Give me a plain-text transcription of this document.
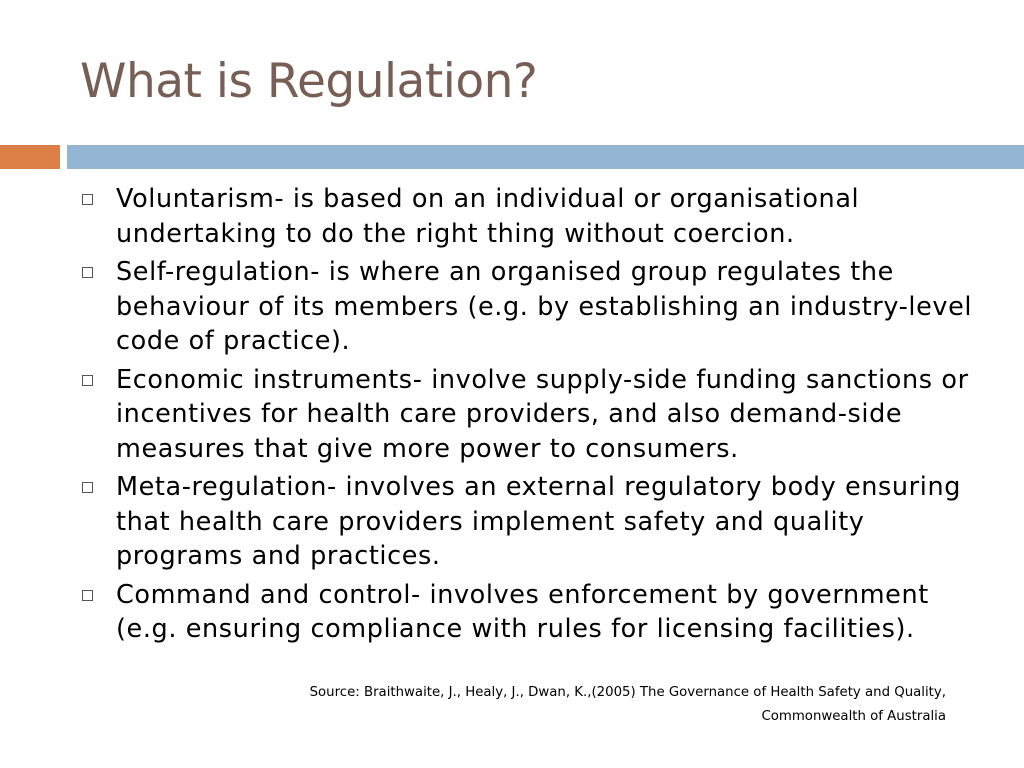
What is Regulation?
Voluntarism- is based on an individual or organisational undertaking to do the right thing without coercion.
Self-regulation- is where an organised group regulates the behaviour of its members (e.g. by establishing an industry-level code of practice).
Economic instruments- involve supply-side funding sanctions or incentives for health care providers, and also demand-side measures that give more power to consumers.
Meta-regulation- involves an external regulatory body ensuring that health care providers implement safety and quality programs and practices.
Command and control- involves enforcement by government (e.g. ensuring compliance with rules for licensing facilities).
Source: Braithwaite, J., Healy, J., Dwan, K.,(2005) The Governance of Health Safety and Quality,
Commonwealth of Australia
